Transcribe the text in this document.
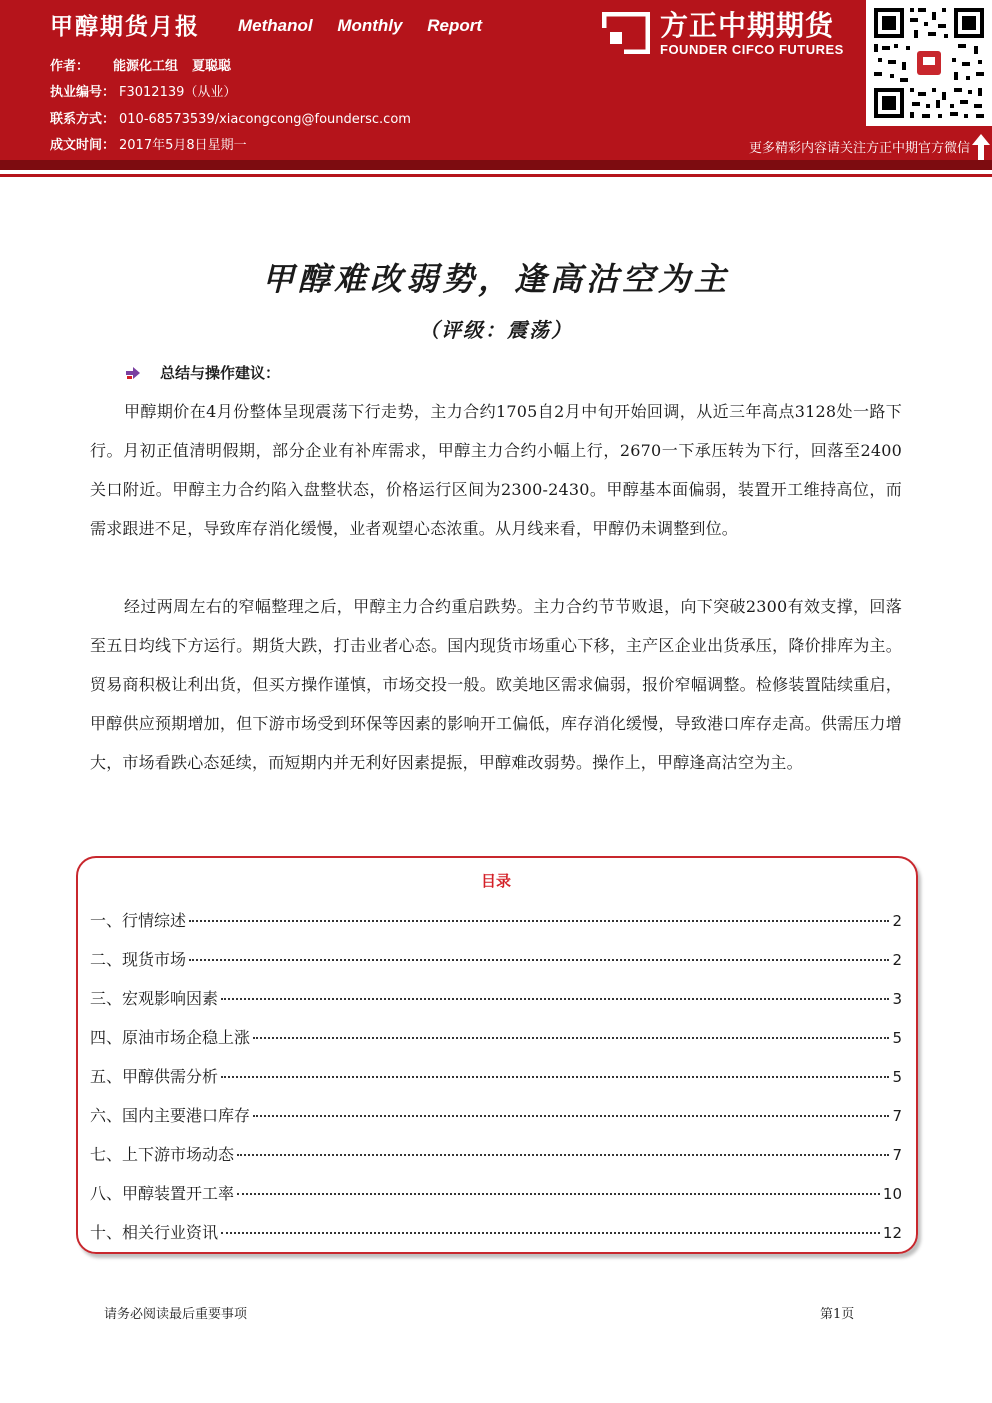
甲醇期货月报 Methanol Monthly Report
作者： 能源化工组 夏聪聪
执业编号： F3012139（从业）
联系方式： 010-68573539/xiacongcong@foundersc.com
成文时间： 2017年5月8日星期一
方正中期期货
FOUNDER CIFCO FUTURES
更多精彩内容请关注方正中期官方微信
甲醇难改弱势，逢高沽空为主
（评级：震荡）
总结与操作建议：
甲醇期价在4月份整体呈现震荡下行走势，主力合约1705自2月中旬开始回调，从近三年高点3128处一路下行。月初正值清明假期，部分企业有补库需求，甲醇主力合约小幅上行，2670一下承压转为下行，回落至2400关口附近。甲醇主力合约陷入盘整状态，价格运行区间为2300-2430。甲醇基本面偏弱，装置开工维持高位，而需求跟进不足，导致库存消化缓慢，业者观望心态浓重。从月线来看，甲醇仍未调整到位。
经过两周左右的窄幅整理之后，甲醇主力合约重启跌势。主力合约节节败退，向下突破2300有效支撑，回落至五日均线下方运行。期货大跌，打击业者心态。国内现货市场重心下移，主产区企业出货承压，降价排库为主。贸易商积极让利出货，但买方操作谨慎，市场交投一般。欧美地区需求偏弱，报价窄幅调整。检修装置陆续重启，甲醇供应预期增加，但下游市场受到环保等因素的影响开工偏低，库存消化缓慢，导致港口库存走高。供需压力增大，市场看跌心态延续，而短期内并无利好因素提振，甲醇难改弱势。操作上，甲醇逢高沽空为主。
目录
一、行情综述	2
二、现货市场	2
三、宏观影响因素	3
四、原油市场企稳上涨	5
五、甲醇供需分析	5
六、国内主要港口库存	7
七、上下游市场动态	7
八、甲醇装置开工率	10
十、相关行业资讯	12
请务必阅读最后重要事项	第1页
